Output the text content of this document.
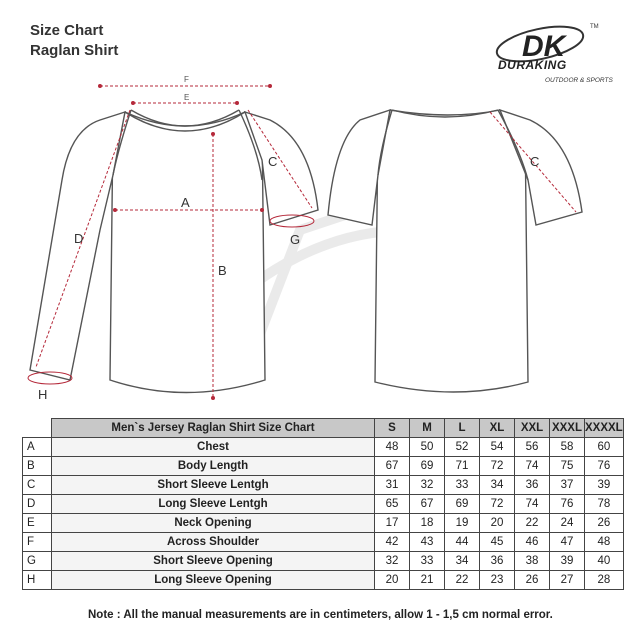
Size Chart
Raglan Shirt	DK
TM
DURAKING
OUTDOOR & SPORTS
F
E
A
B
C
D	G
H
C
	Men`s Jersey Raglan Shirt Size Chart	S	M	L	XL	XXL	XXXL	XXXXL
A	Chest	48	50	52	54	56	58	60
B	Body Length	67	69	71	72	74	75	76
C	Short Sleeve Lentgh	31	32	33	34	36	37	39
D	Long Sleeve Lentgh	65	67	69	72	74	76	78
E	Neck Opening	17	18	19	20	22	24	26
F	Across Shoulder	42	43	44	45	46	47	48
G	Short Sleeve Opening	32	33	34	36	38	39	40
H	Long Sleeve Opening	20	21	22	23	26	27	28
Note : All the manual measurements are in centimeters, allow 1 - 1,5 cm normal error.
